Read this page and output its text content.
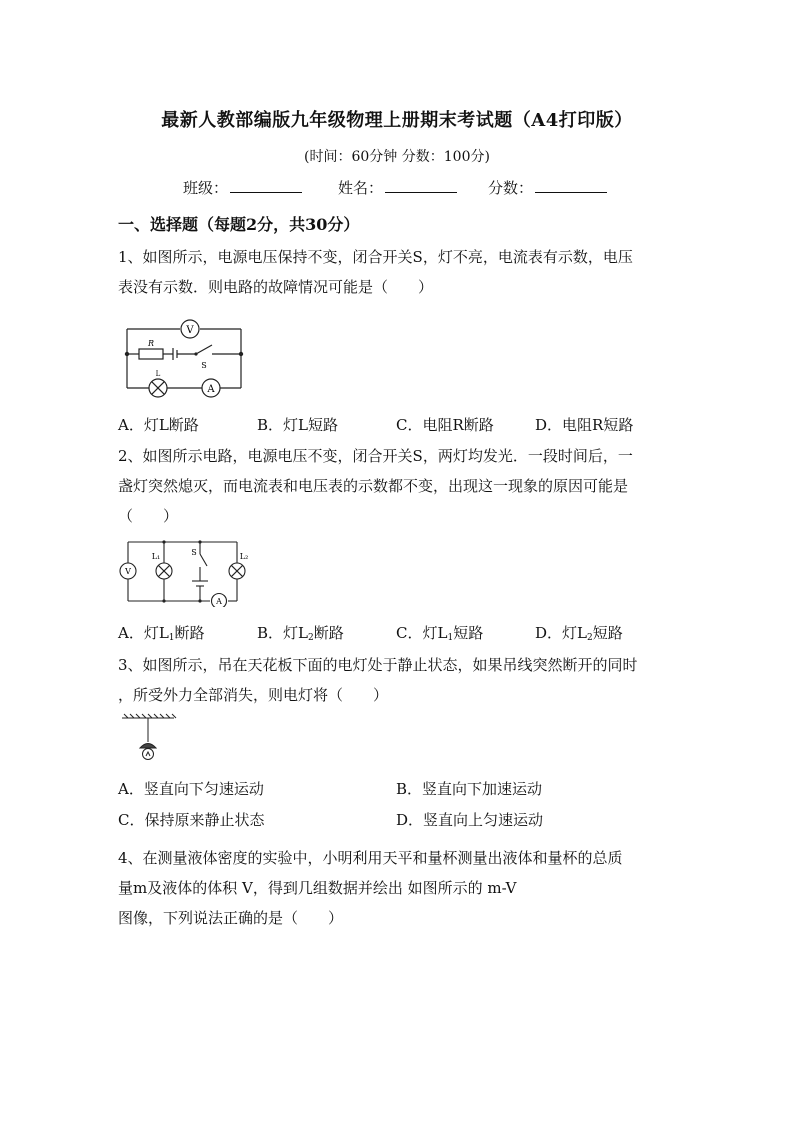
最新人教部编版九年级物理上册期末考试题（A4打印版）
(时间：60分钟 分数：100分)
班级：	姓名：	分数：
一、选择题（每题2分，共30分）
1、如图所示，电源电压保持不变，闭合开关S，灯不亮，电流表有示数，电压
表没有示数．则电路的故障情况可能是（　　）
V
R
S
L
A
A．灯L断路	B．灯L短路	C．电阻R断路	D．电阻R短路
2、如图所示电路，电源电压不变，闭合开关S，两灯均发光．一段时间后，一
盏灯突然熄灭，而电流表和电压表的示数都不变，出现这一现象的原因可能是
（　　）
V
L₁	S	L₂
A
A．灯$L_1$断路	B．灯$L_2$断路	C．灯$L_1$短路	D．灯$L_2$短路
3、如图所示，吊在天花板下面的电灯处于静止状态，如果吊线突然断开的同时
，所受外力全部消失，则电灯将（　　）
A．竖直向下匀速运动	B．竖直向下加速运动
C．保持原来静止状态	D．竖直向上匀速运动
4、在测量液体密度的实验中，小明利用天平和量杯测量出液体和量杯的总质
量m及液体的体积 V，得到几组数据并绘出 如图所示的 m-V
图像，下列说法正确的是（　　）
